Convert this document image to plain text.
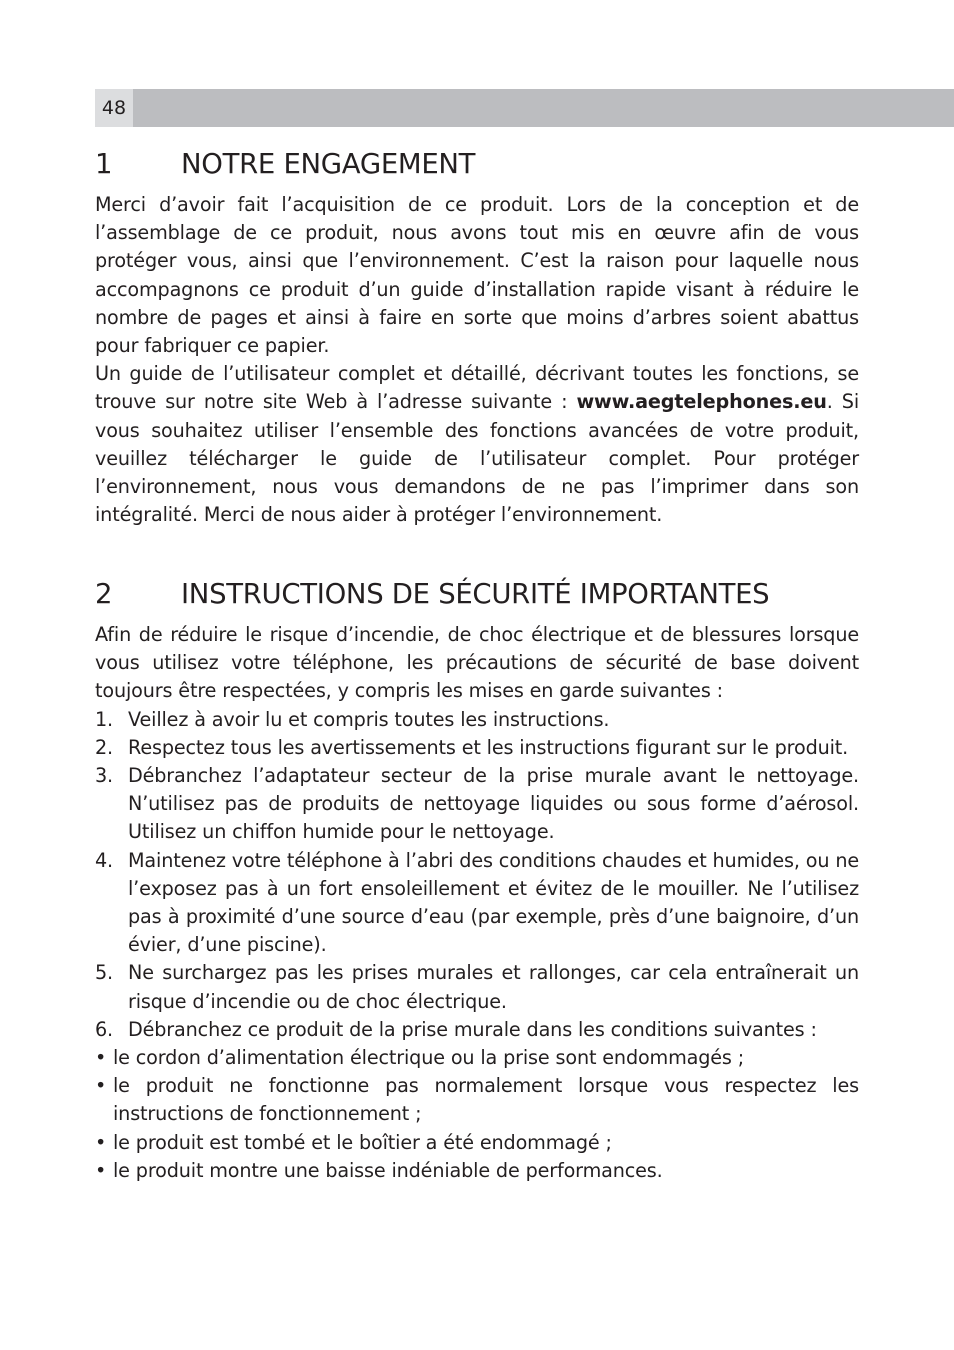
48
1	NOTRE ENGAGEMENT

Merci d’avoir fait l’acquisition de ce produit. Lors de la conception et de l’assemblage de ce produit, nous avons tout mis en œuvre afin de vous protéger vous, ainsi que l’environnement. C’est la raison pour laquelle nous accompagnons ce produit d’un guide d’installation rapide visant à réduire le nombre de pages et ainsi à faire en sorte que moins d’arbres soient abattus pour fabriquer ce papier.

Un guide de l’utilisateur complet et détaillé, décrivant toutes les fonctions, se trouve sur notre site Web à l’adresse suivante : www.aegtelephones.eu. Si vous souhaitez utiliser l’ensemble des fonctions avancées de votre produit, veuillez télécharger le guide de l’utilisateur complet. Pour protéger l’environnement, nous vous demandons de ne pas l’imprimer dans son intégralité. Merci de nous aider à protéger l’environnement.

2	INSTRUCTIONS DE SÉCURITÉ IMPORTANTES

Afin de réduire le risque d’incendie, de choc électrique et de blessures lorsque vous utilisez votre téléphone, les précautions de sécurité de base doivent toujours être respectées, y compris les mises en garde suivantes :

1. Veillez à avoir lu et compris toutes les instructions.
2. Respectez tous les avertissements et les instructions figurant sur le produit.
3. Débranchez l’adaptateur secteur de la prise murale avant le nettoyage. N’utilisez pas de produits de nettoyage liquides ou sous forme d’aérosol. Utilisez un chiffon humide pour le nettoyage.
4. Maintenez votre téléphone à l’abri des conditions chaudes et humides, ou ne l’exposez pas à un fort ensoleillement et évitez de le mouiller. Ne l’utilisez pas à proximité d’une source d’eau (par exemple, près d’une baignoire, d’un évier, d’une piscine).
5. Ne surchargez pas les prises murales et rallonges, car cela entraînerait un risque d’incendie ou de choc électrique.
6. Débranchez ce produit de la prise murale dans les conditions suivantes :
• le cordon d’alimentation électrique ou la prise sont endommagés ;
• le produit ne fonctionne pas normalement lorsque vous respectez les instructions de fonctionnement ;
• le produit est tombé et le boîtier a été endommagé ;
• le produit montre une baisse indéniable de performances.
